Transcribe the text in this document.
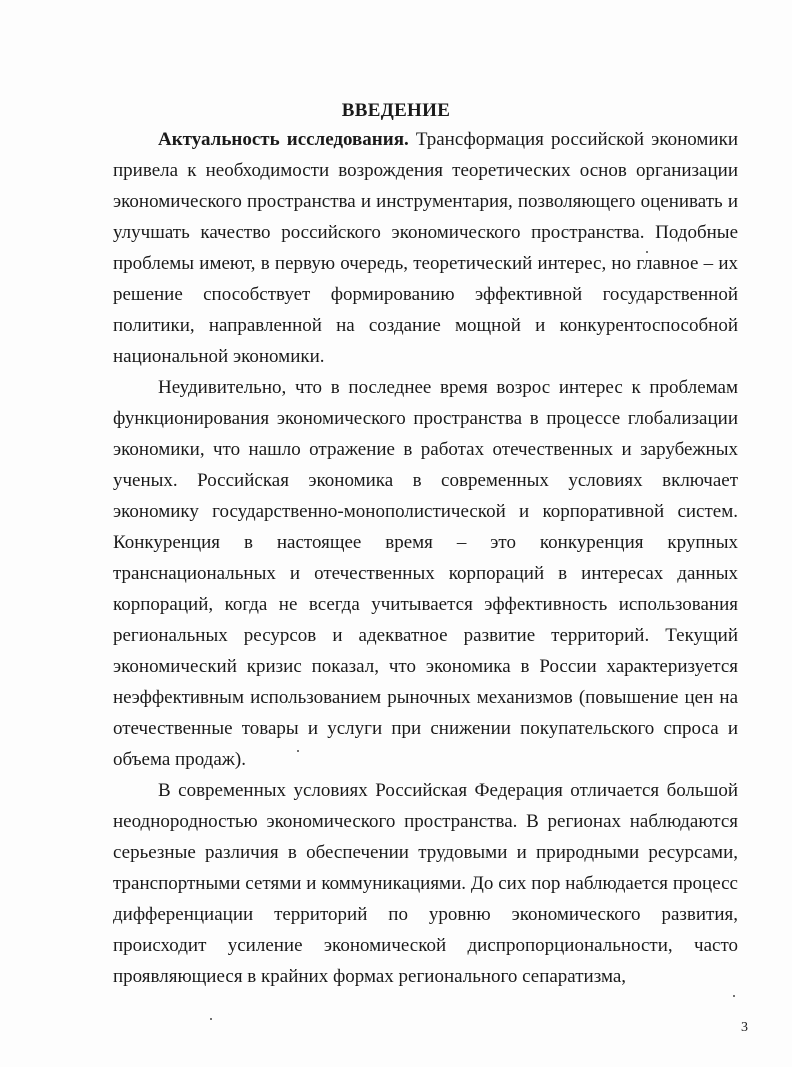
ВВЕДЕНИЕ

Актуальность исследования. Трансформация российской экономики привела к необходимости возрождения теоретических основ организации экономического пространства и инструментария, позволяющего оценивать и улучшать качество российского экономического пространства. Подобные проблемы имеют, в первую очередь, теоретический интерес, но главное – их решение способствует формированию эффективной государственной политики, направленной на создание мощной и конкурентоспособной национальной экономики.

Неудивительно, что в последнее время возрос интерес к проблемам функционирования экономического пространства в процессе глобализации экономики, что нашло отражение в работах отечественных и зарубежных ученых. Российская экономика в современных условиях включает экономику государственно-монополистической и корпоративной систем. Конкуренция в настоящее время – это конкуренция крупных транснациональных и отечественных корпораций в интересах данных корпораций, когда не всегда учитывается эффективность использования региональных ресурсов и адекватное развитие территорий. Текущий экономический кризис показал, что экономика в России характеризуется неэффективным использованием рыночных механизмов (повышение цен на отечественные товары и услуги при снижении покупательского спроса и объема продаж).

В современных условиях Российская Федерация отличается большой неоднородностью экономического пространства. В регионах наблюдаются серьезные различия в обеспечении трудовыми и природными ресурсами, транспортными сетями и коммуникациями. До сих пор наблюдается процесс дифференциации территорий по уровню экономического развития, происходит усиление экономической диспропорциональности, часто проявляющиеся в крайних формах регионального сепаратизма,

3
